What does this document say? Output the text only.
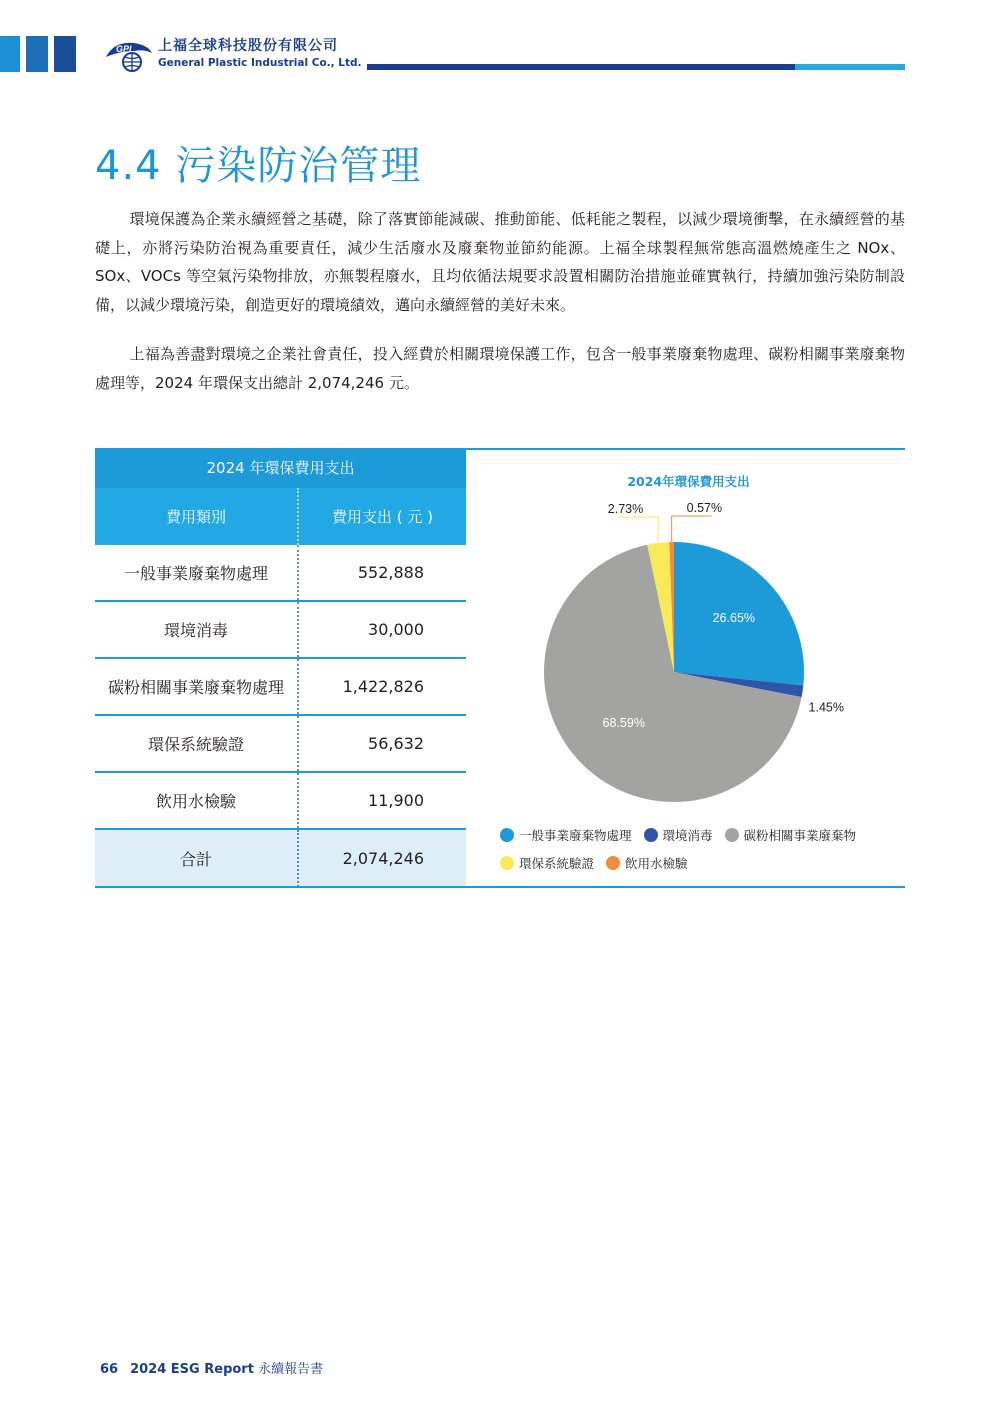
GPI 上福全球科技股份有限公司
General Plastic Industrial Co., Ltd.
4.4 污染防治管理

環境保護為企業永續經營之基礎，除了落實節能減碳、推動節能、低耗能之製程，以減少環境衝擊，在永續經營的基礎上，亦將污染防治視為重要責任，減少生活廢水及廢棄物並節約能源。上福全球製程無常態高溫燃燒產生之 NOx、SOx、VOCs 等空氣污染物排放，亦無製程廢水，且均依循法規要求設置相關防治措施並確實執行，持續加強污染防制設備，以減少環境污染，創造更好的環境績效，邁向永續經營的美好未來。

上福為善盡對環境之企業社會責任，投入經費於相關環境保護工作，包含一般事業廢棄物處理、碳粉相關事業廢棄物處理等，2024 年環保支出總計 2,074,246 元。

2024 年環保費用支出
費用類別	費用支出 ( 元 )
一般事業廢棄物處理	552,888
環境消毒	30,000
碳粉相關事業廢棄物處理	1,422,826
環保系統驗證	56,632
飲用水檢驗	11,900
合計	2,074,246
2024年環保費用支出
26.65%
1.45%
68.59%
2.73%	0.57%
一般事業廢棄物處理 環境消毒 碳粉相關事業廢棄物
環保系統驗證 飲用水檢驗
66 2024 ESG Report 永續報告書
